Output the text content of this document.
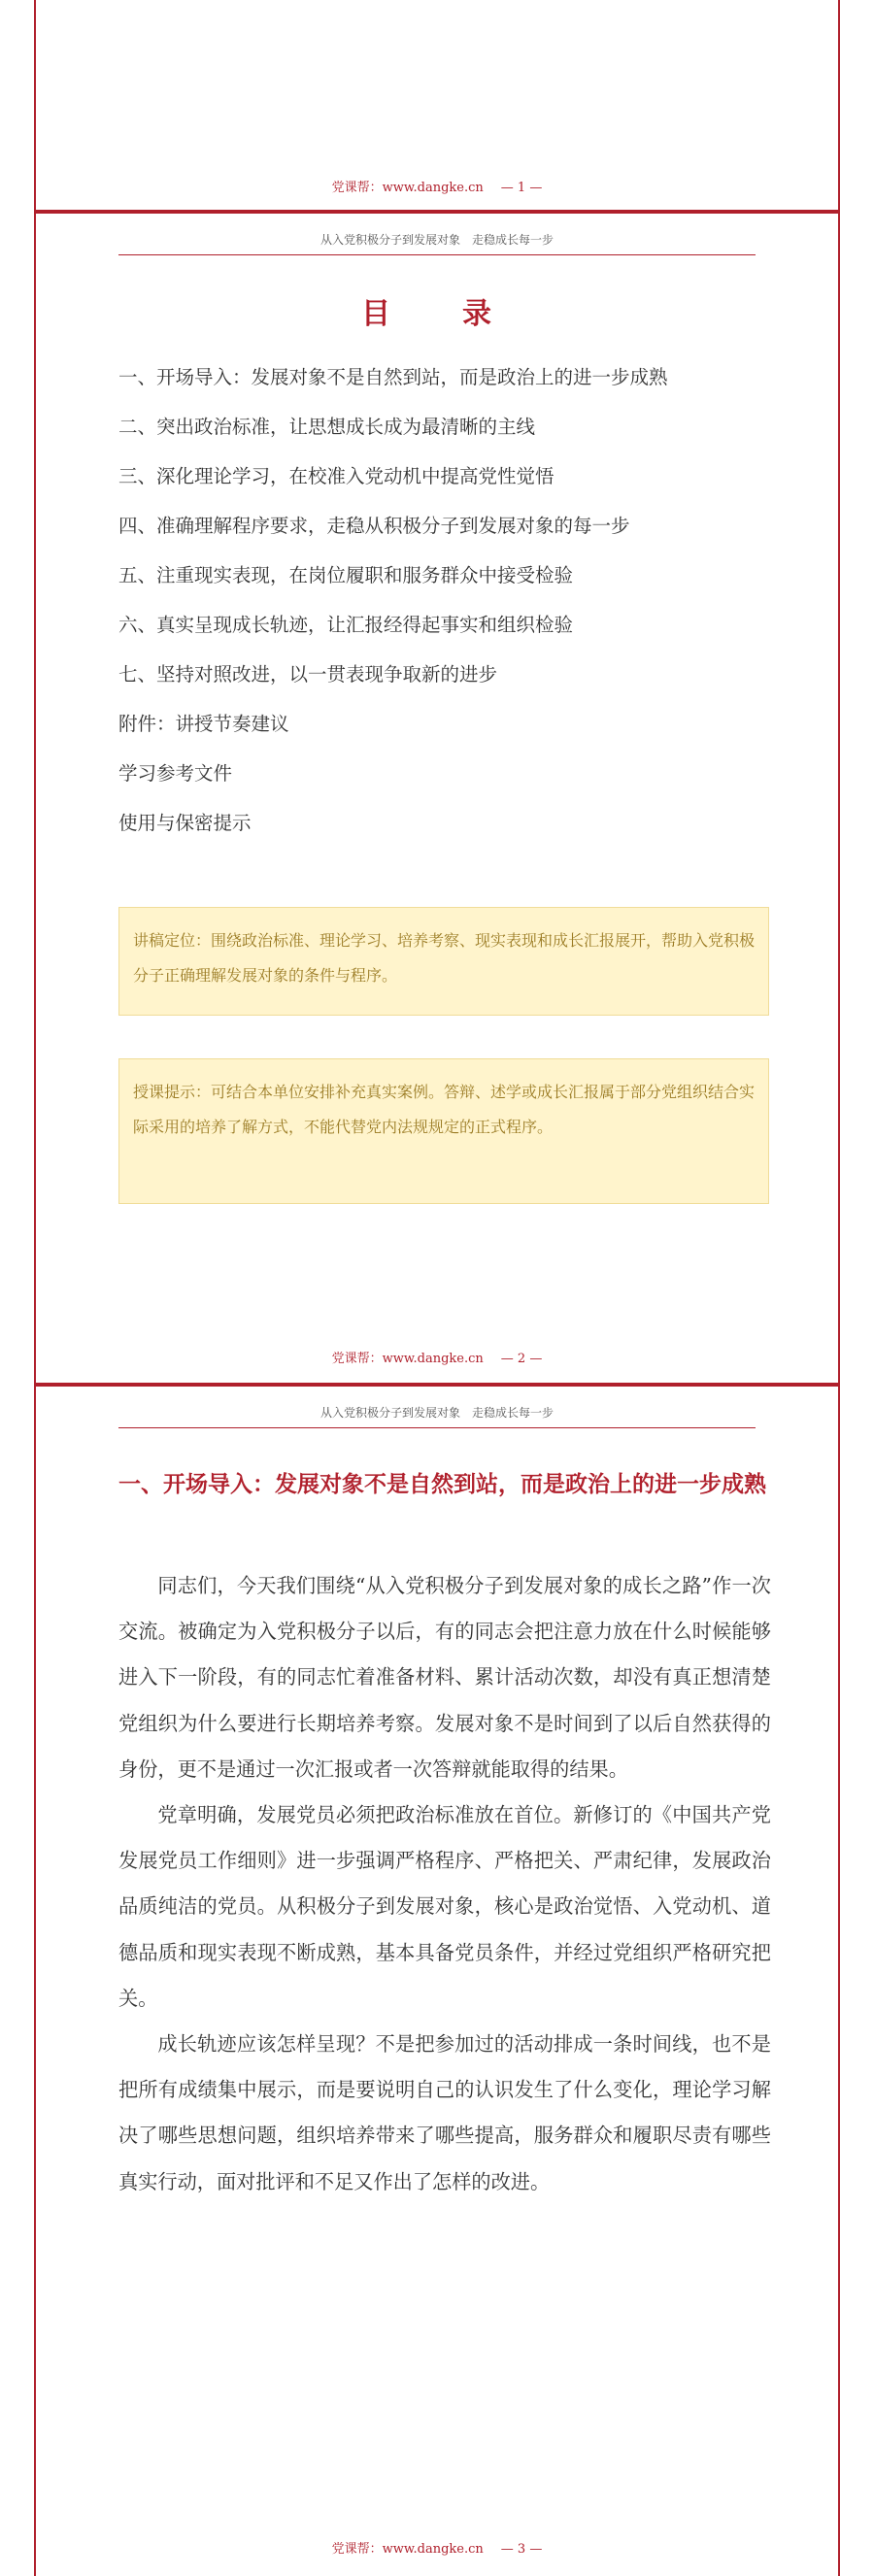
党课帮：www.dangke.cn — 1 —
从入党积极分子到发展对象　走稳成长每一步
目　录
一、开场导入：发展对象不是自然到站，而是政治上的进一步成熟
二、突出政治标准，让思想成长成为最清晰的主线
三、深化理论学习，在校准入党动机中提高党性觉悟
四、准确理解程序要求，走稳从积极分子到发展对象的每一步
五、注重现实表现，在岗位履职和服务群众中接受检验
六、真实呈现成长轨迹，让汇报经得起事实和组织检验
七、坚持对照改进，以一贯表现争取新的进步
附件：讲授节奏建议
学习参考文件
使用与保密提示
讲稿定位：围绕政治标准、理论学习、培养考察、现实表现和成长汇报展开，帮助入党积极分子正确理解发展对象的条件与程序。
授课提示：可结合本单位安排补充真实案例。答辩、述学或成长汇报属于部分党组织结合实际采用的培养了解方式，不能代替党内法规规定的正式程序。
党课帮：www.dangke.cn — 2 —
从入党积极分子到发展对象　走稳成长每一步
一、开场导入：发展对象不是自然到站，而是政治上的进一步成熟

同志们，今天我们围绕“从入党积极分子到发展对象的成长之路”作一次交流。被确定为入党积极分子以后，有的同志会把注意力放在什么时候能够进入下一阶段，有的同志忙着准备材料、累计活动次数，却没有真正想清楚党组织为什么要进行长期培养考察。发展对象不是时间到了以后自然获得的身份，更不是通过一次汇报或者一次答辩就能取得的结果。

党章明确，发展党员必须把政治标准放在首位。新修订的《中国共产党发展党员工作细则》进一步强调严格程序、严格把关、严肃纪律，发展政治品质纯洁的党员。从积极分子到发展对象，核心是政治觉悟、入党动机、道德品质和现实表现不断成熟，基本具备党员条件，并经过党组织严格研究把关。

成长轨迹应该怎样呈现？不是把参加过的活动排成一条时间线，也不是把所有成绩集中展示，而是要说明自己的认识发生了什么变化，理论学习解决了哪些思想问题，组织培养带来了哪些提高，服务群众和履职尽责有哪些真实行动，面对批评和不足又作出了怎样的改进。

党课帮：www.dangke.cn — 3 —
